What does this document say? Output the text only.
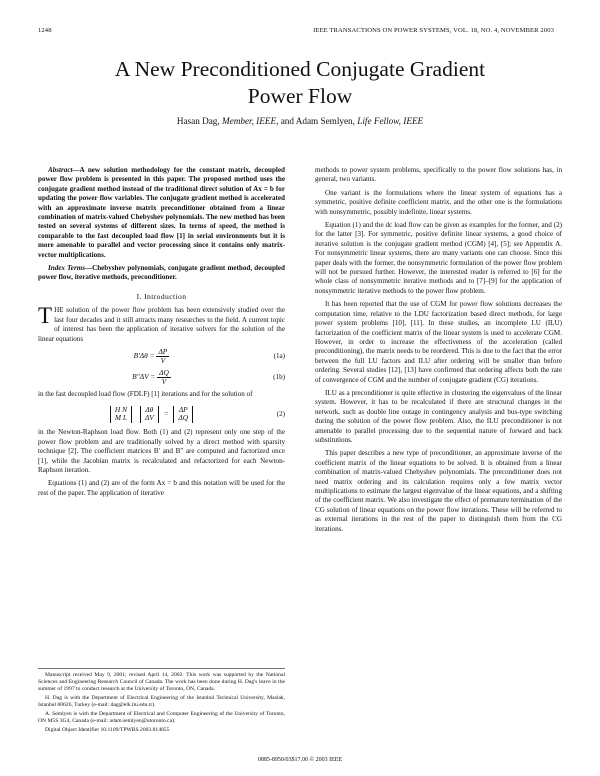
1248	IEEE TRANSACTIONS ON POWER SYSTEMS, VOL. 18, NO. 4, NOVEMBER 2003
A New Preconditioned Conjugate Gradient
Power Flow
Hasan Dag, Member, IEEE, and Adam Semlyen, Life Fellow, IEEE

Abstract—A new solution methodology for the constant matrix, decoupled power flow problem is presented in this paper. The proposed method uses the conjugate gradient method instead of the traditional direct solution of Ax = b for updating the power flow variables. The conjugate gradient method is accelerated with an approximate inverse matrix preconditioner obtained from a linear combination of matrix-valued Chebyshev polynomials. The new method has been tested on several systems of different sizes. In terms of speed, the method is comparable to the fast decoupled load flow [1] in serial environments but it is more amenable to parallel and vector processing since it contains only matrix-vector multiplications.

Index Terms—Chebyshev polynomials, conjugate gradient method, decoupled power flow, iterative methods, preconditioner.

I. Introduction

THE solution of the power flow problem has been extensively studied over the last four decades and it still attracts many researches to the field. A current topic of interest has been the application of iterative solvers for the solution of the linear equations

$B'\Delta\theta = \frac{\Delta P}{V}$	(1a)
$B''\Delta V = \frac{\Delta Q}{V}$	(1b)

in the fast decoupled load flow (FDLF) [1] iterations and for the solution of

H N
M L Δθ
ΔV = ΔP
ΔQ	(2)

in the Newton-Raphson load flow. Both (1) and (2) represent only one step of the power flow problem and are traditionally solved by a direct method with sparsity technique [2]. The coefficient matrices B′ and B″ are computed and factorized once [1], while the Jacobian matrix is recalculated and refactorized for each Newton-Raphson iteration.

Equations (1) and (2) are of the form Ax = b and this notation will be used for the rest of the paper. The application of iterative

methods to power system problems, specifically to the power flow solutions has, in general, two variants.

One variant is the formulations where the linear system of equations has a symmetric, positive definite coefficient matrix, and the other one is the formulations with nonsymmetric, possibly indefinite, linear systems.

Equation (1) and the dc load flow can be given as examples for the former, and (2) for the latter [3]. For symmetric, positive definite linear systems, a good choice of iterative solution is the conjugate gradient method (CGM) [4], [5]; see Appendix A. For nonsymmetric linear systems, there are many variants one can choose. Since this paper deals with the former, the nonsymmetric formulation of the power flow problem will not be pursued further. However, the interested reader is referred to [6] for the whole class of nonsymmetric iterative methods and to [7]–[9] for the application of nonsymmetric iterative methods to the power flow problem.

It has been reported that the use of CGM for power flow solutions decreases the computation time, relative to the LDU factorization based direct methods, for large power system problems [10], [11]. In these studies, an incomplete LU (ILU) factorization of the coefficient matrix of the linear system is used to accelerate CGM. However, in order to increase the effectiveness of the acceleration (called preconditioning), the matrix needs to be reordered. This is due to the fact that the error between the full LU factors and ILU after ordering will be smaller than before ordering. Several studies [12], [13] have confirmed that ordering affects both the rate of convergence of CGM and the number of conjugate gradient (CG) iterations.

ILU as a preconditioner is quite effective in clustering the eigenvalues of the linear system. However, it has to be recalculated if there are structural changes in the network, such as double line outage in contingency analysis and bus-type switching during the solution of the power flow problem. Also, the ILU preconditioner is not amenable to parallel processing due to the sequential nature of forward and back substitutions.

This paper describes a new type of preconditioner, an approximate inverse of the coefficient matrix of the linear equations to be solved. It is obtained from a linear combination of matrix-valued Chebyshev polynomials. The preconditioner does not need matrix ordering and its calculation requires only a few matrix vector multiplications to estimate the largest eigenvalue of the linear equations, and a shifting of the coefficient matrix. We also investigate the effect of premature termination of the CG solution of linear equations on the power flow iterations. These will be referred to as external iterations in the rest of the paper to distinguish them from the CG iterations.

Manuscript received May 9, 2001; revised April 14, 2002. This work was supported by the National Sciences and Engineering Research Council of Canada. The work has been done during H. Dag's leave in the summer of 1997 to conduct research at the University of Toronto, ON, Canada.

H. Dag is with the Department of Electrical Engineering of the Istanbul Technical University, Maslak, Istanbul 80626, Turkey (e-mail: dag@elk.itu.edu.tr).

A. Semlyen is with the Department of Electrical and Computer Engineering of the University of Toronto, ON M5S 3G4, Canada (e-mail: adam.semlyen@utoronto.ca).

Digital Object Identifier 10.1109/TPWRS.2003.814855

0885-8950/03$17.00 © 2003 IEEE
